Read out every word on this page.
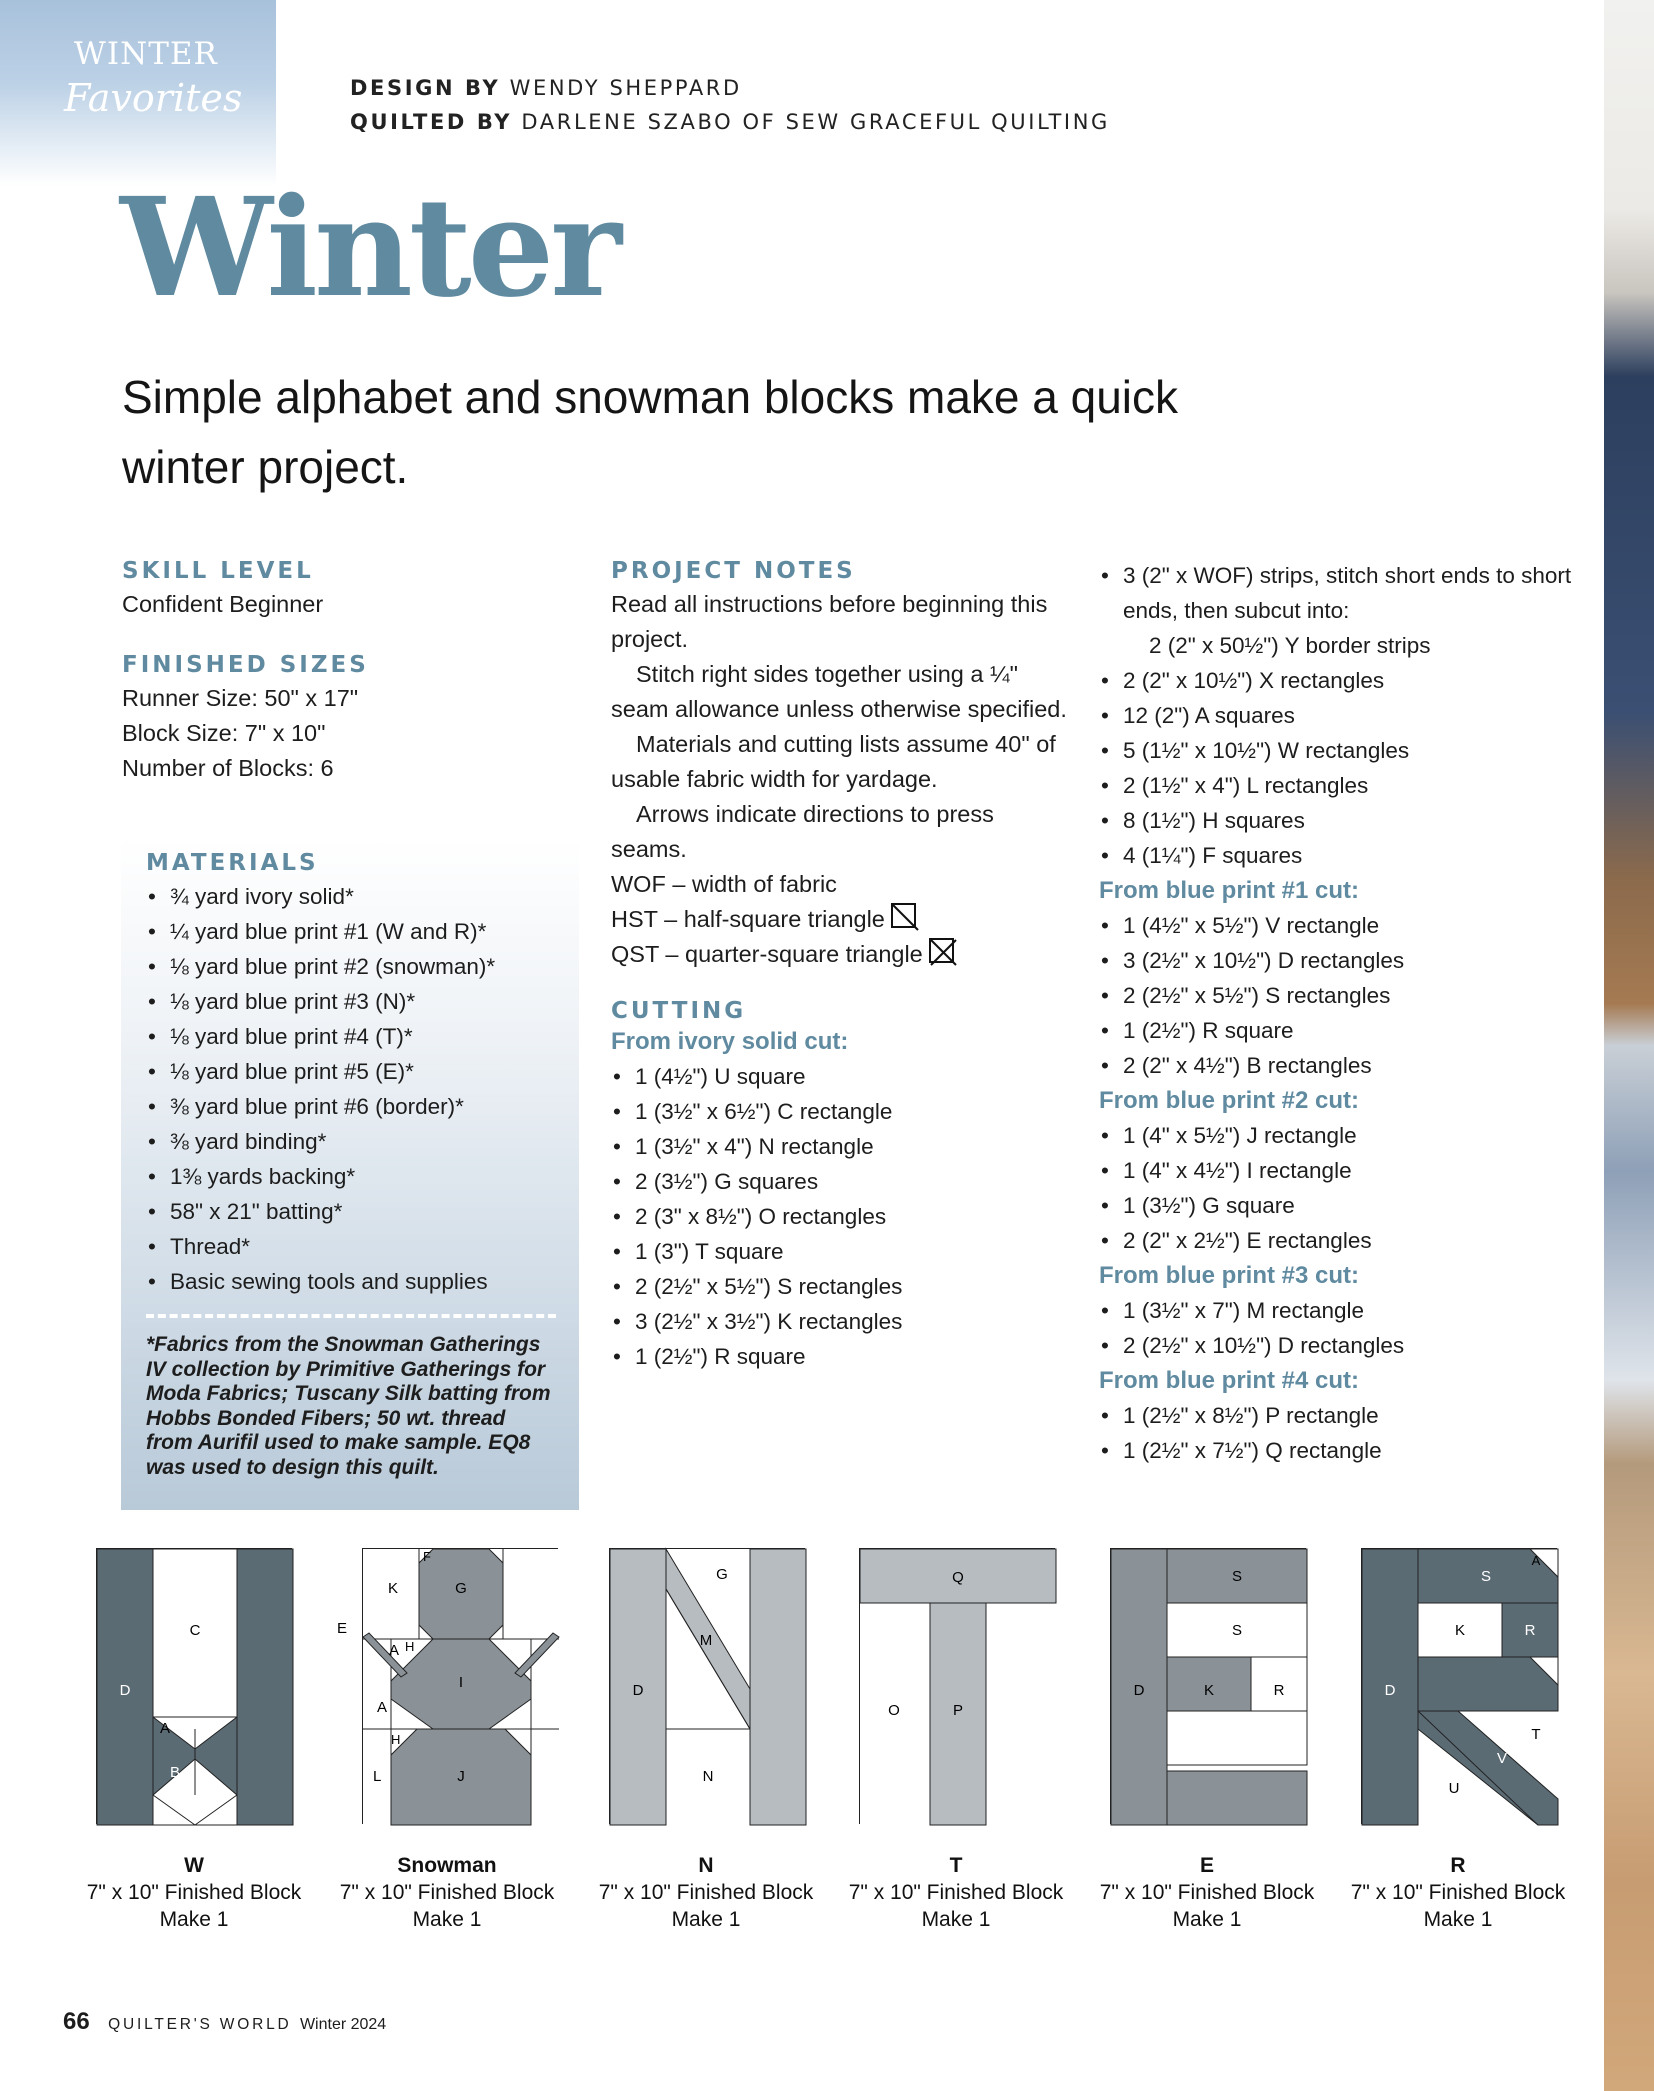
WINTER
Favorites	DESIGN BY WENDY SHEPPARD
QUILTED BY DARLENE SZABO OF SEW GRACEFUL QUILTING
Winter
Simple alphabet and snowman blocks make a quick winter project.
SKILL LEVEL
Confident Beginner
FINISHED SIZES
Runner Size: 50" x 17"
Block Size: 7" x 10"
Number of Blocks: 6
MATERIALS
• ¾ yard ivory solid*
• ¼ yard blue print #1 (W and R)*
• ⅛ yard blue print #2 (snowman)*
• ⅛ yard blue print #3 (N)*
• ⅛ yard blue print #4 (T)*
• ⅛ yard blue print #5 (E)*
• ⅜ yard blue print #6 (border)*
• ⅜ yard binding*
• 1⅜ yards backing*
• 58" x 21" batting*
• Thread*
• Basic sewing tools and supplies
*Fabrics from the Snowman Gatherings IV collection by Primitive Gatherings for Moda Fabrics; Tuscany Silk batting from Hobbs Bonded Fibers; 50 wt. thread from Aurifil used to make sample. EQ8 was used to design this quilt.
PROJECT NOTES
Read all instructions before beginning this project.
Stitch right sides together using a ¼" seam allowance unless otherwise specified.
Materials and cutting lists assume 40" of usable fabric width for yardage.
Arrows indicate directions to press seams.
WOF – width of fabric
HST – half-square triangle
QST – quarter-square triangle
CUTTING
From ivory solid cut:
• 1 (4½") U square
• 1 (3½" x 6½") C rectangle
• 1 (3½" x 4") N rectangle
• 2 (3½") G squares
• 2 (3" x 8½") O rectangles
• 1 (3") T square
• 2 (2½" x 5½") S rectangles
• 3 (2½" x 3½") K rectangles
• 1 (2½") R square
• 3 (2" x WOF) strips, stitch short ends to short ends, then subcut into:
2 (2" x 50½") Y border strips
• 2 (2" x 10½") X rectangles
• 12 (2") A squares
• 5 (1½" x 10½") W rectangles
• 2 (1½" x 4") L rectangles
• 8 (1½") H squares
• 4 (1¼") F squares
From blue print #1 cut:
• 1 (4½" x 5½") V rectangle
• 3 (2½" x 10½") D rectangles
• 2 (2½" x 5½") S rectangles
• 1 (2½") R square
• 2 (2" x 4½") B rectangles
From blue print #2 cut:
• 1 (4" x 5½") J rectangle
• 1 (4" x 4½") I rectangle
• 1 (3½") G square
• 2 (2" x 2½") E rectangles
From blue print #3 cut:
• 1 (3½" x 7") M rectangle
• 2 (2½" x 10½") D rectangles
From blue print #4 cut:
• 1 (2½" x 8½") P rectangle
• 1 (2½" x 7½") Q rectangle
C
D
A
B
F
K	G
E
A H
I
A
H
L	J
G
M
D
N
Q
O	P
S
S
D	K	R
A
S
K	R
D
T
V
U
W
7" x 10" Finished Block
Make 1
Snowman
7" x 10" Finished Block
Make 1
N
7" x 10" Finished Block
Make 1
T
7" x 10" Finished Block
Make 1
E
7" x 10" Finished Block
Make 1
R
7" x 10" Finished Block
Make 1
66 QUILTER'S WORLD Winter 2024
